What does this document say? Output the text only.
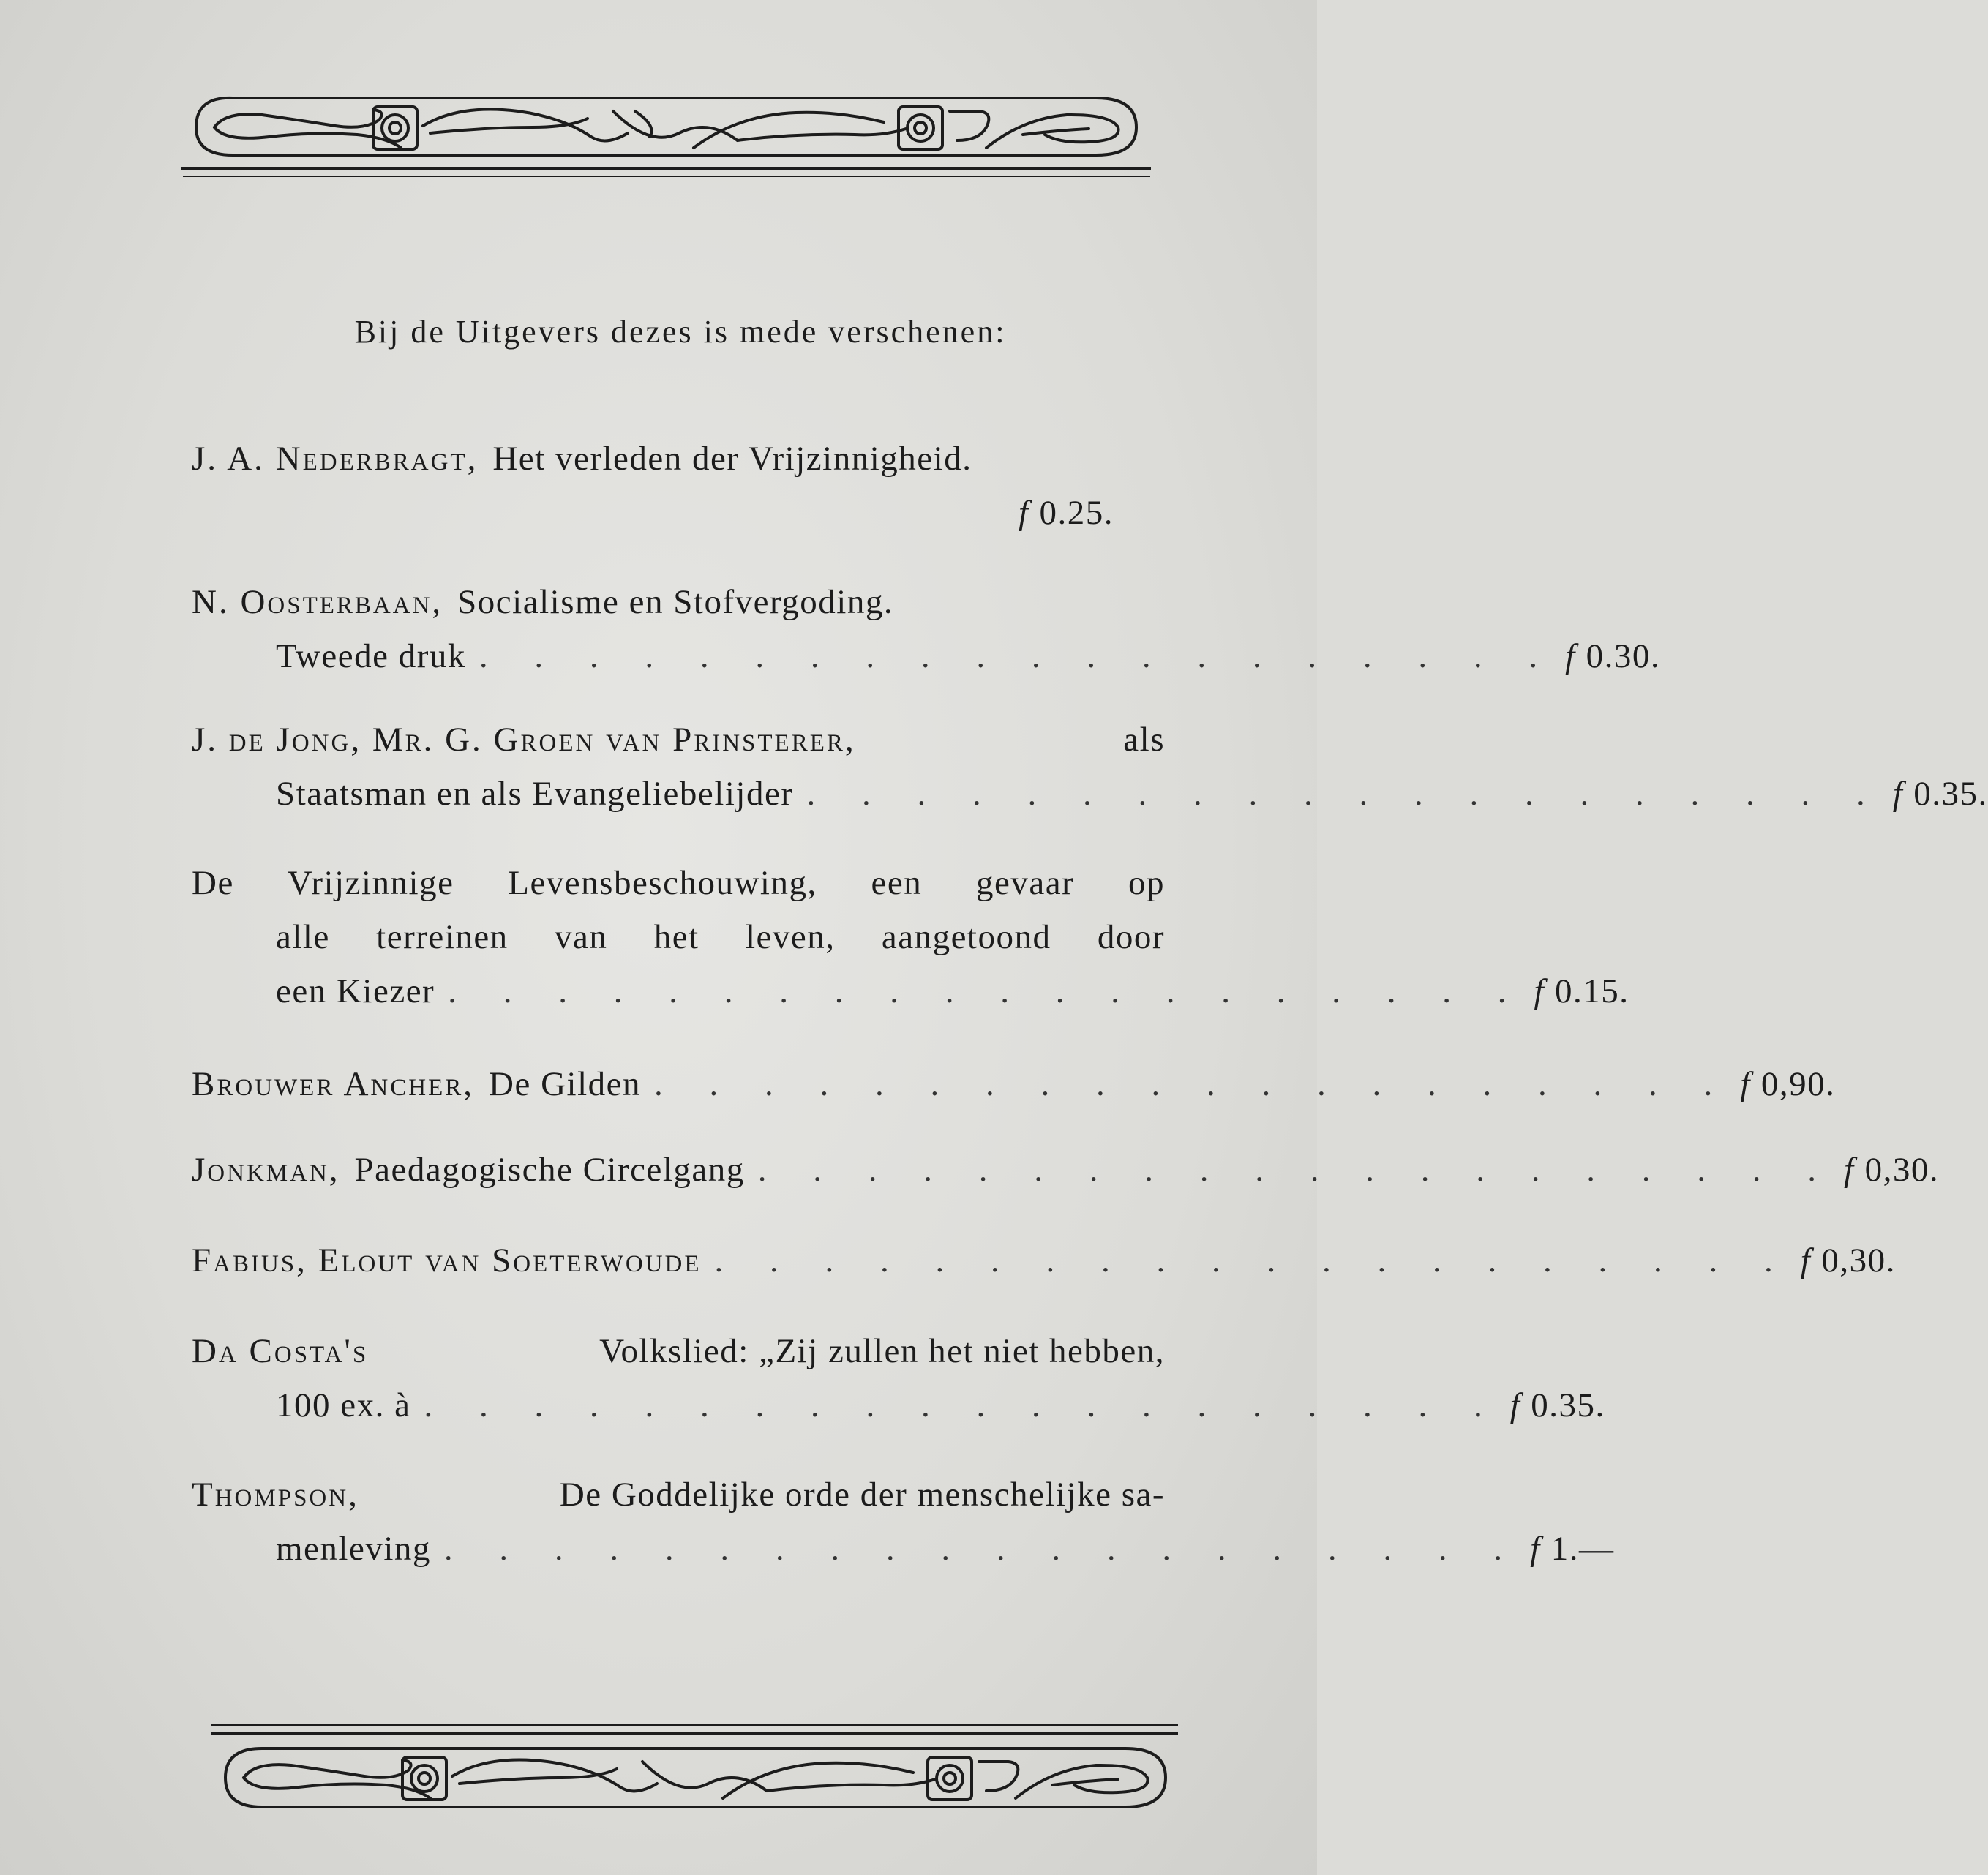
Bij de Uitgevers dezes is mede verschenen:
J. A. Nederbragt, Het verleden der Vrijzinnigheid.
f 0.25.
N. Oosterbaan, Socialisme en Stofvergoding.
Tweede druk . . . . . . . . . . . . . . . . . . . . f 0.30.
J. de Jong, Mr. G. Groen van Prinsterer,	als
Staatsman en als Evangeliebelijder . . . . . . . . . . . . . . . . . . . . f 0.35.
De Vrijzinnige Levensbeschouwing, een gevaar op
alle terreinen van het leven, aangetoond door
een Kiezer . . . . . . . . . . . . . . . . . . . . f 0.15.
Brouwer Ancher, De Gilden . . . . . . . . . . . . . . . . . . . . f 0,90.
Jonkman, Paedagogische Circelgang . . . . . . . . . . . . . . . . . . . . f 0,30.
Fabius, Elout van Soeterwoude . . . . . . . . . . . . . . . . . . . . f 0,30.
Da Costa's	Volkslied: „Zij zullen het niet hebben,
100 ex. à . . . . . . . . . . . . . . . . . . . . f 0.35.
Thompson,	De Goddelijke orde der menschelijke sa-
menleving . . . . . . . . . . . . . . . . . . . . f 1.—
